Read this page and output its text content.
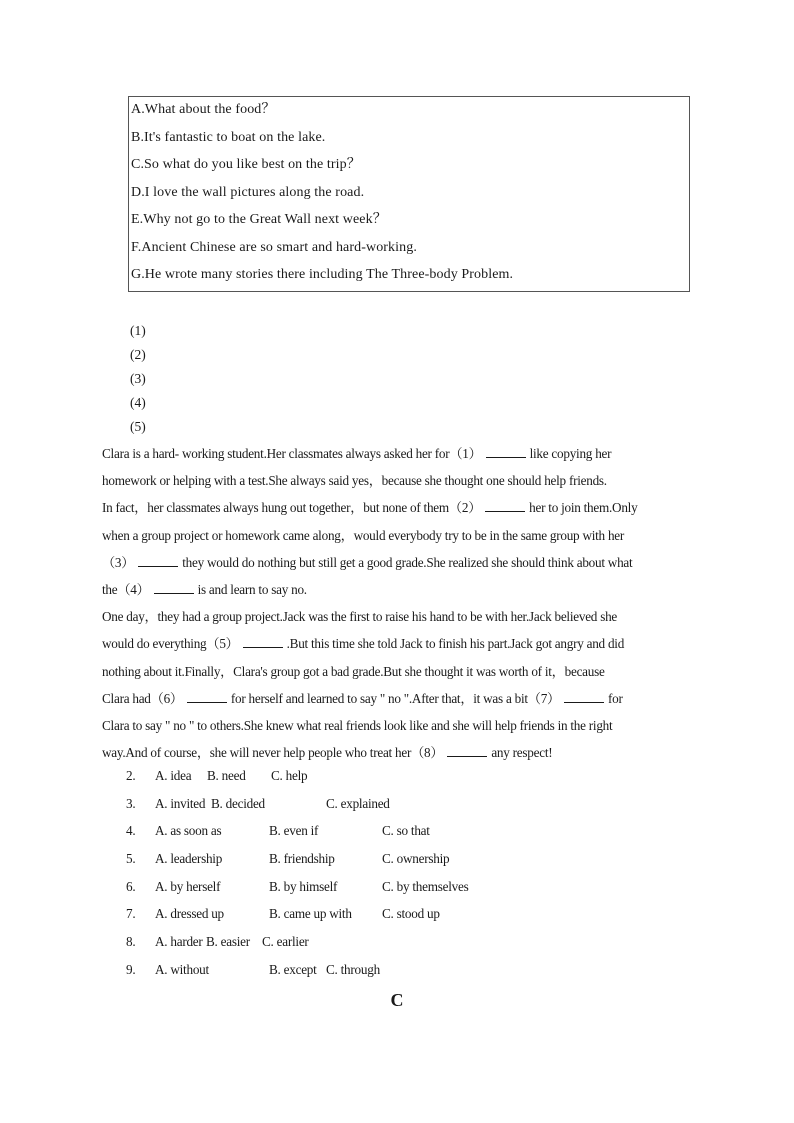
A.What about the food？
B.It's fantastic to boat on the lake.
C.So what do you like best on the trip？
D.I love the wall pictures along the road.
E.Why not go to the Great Wall next week？
F.Ancient Chinese are so smart and hard-working.
G.He wrote many stories there including The Three-body Problem.
(1)
(2)
(3)
(4)
(5)
Clara is a hard- working student.Her classmates always asked her for（1）	like copying her
homework or helping with a test.She always said yes，because she thought one should help friends.
In fact，her classmates always hung out together，but none of them（2）	her to join them.Only
when a group project or homework came along，would everybody try to be in the same group with her
（3）	they would do nothing but still get a good grade.She realized she should think about what
the（4）	is and learn to say no.
One day，they had a group project.Jack was the first to raise his hand to be with her.Jack believed she
would do everything（5）	.But this time she told Jack to finish his part.Jack got angry and did
nothing about it.Finally，Clara's group got a bad grade.But she thought it was worth of it，because
Clara had（6）	for herself and learned to say " no ".After that，it was a bit（7）	for
Clara to say " no " to others.She knew what real friends look like and she will help friends in the right
way.And of course，she will never help people who treat her（8）	any respect!
2. A. idea B. need C. help
3. A. invited B. decided	C. explained
4. A. as soon as	B. even if	C. so that
5. A. leadership	B. friendship	C. ownership
6. A. by herself	B. by himself	C. by themselves
7. A. dressed up	B. came up with C. stood up
8. A. harder B. easier C. earlier
9. A. without	B. except C. through
C
